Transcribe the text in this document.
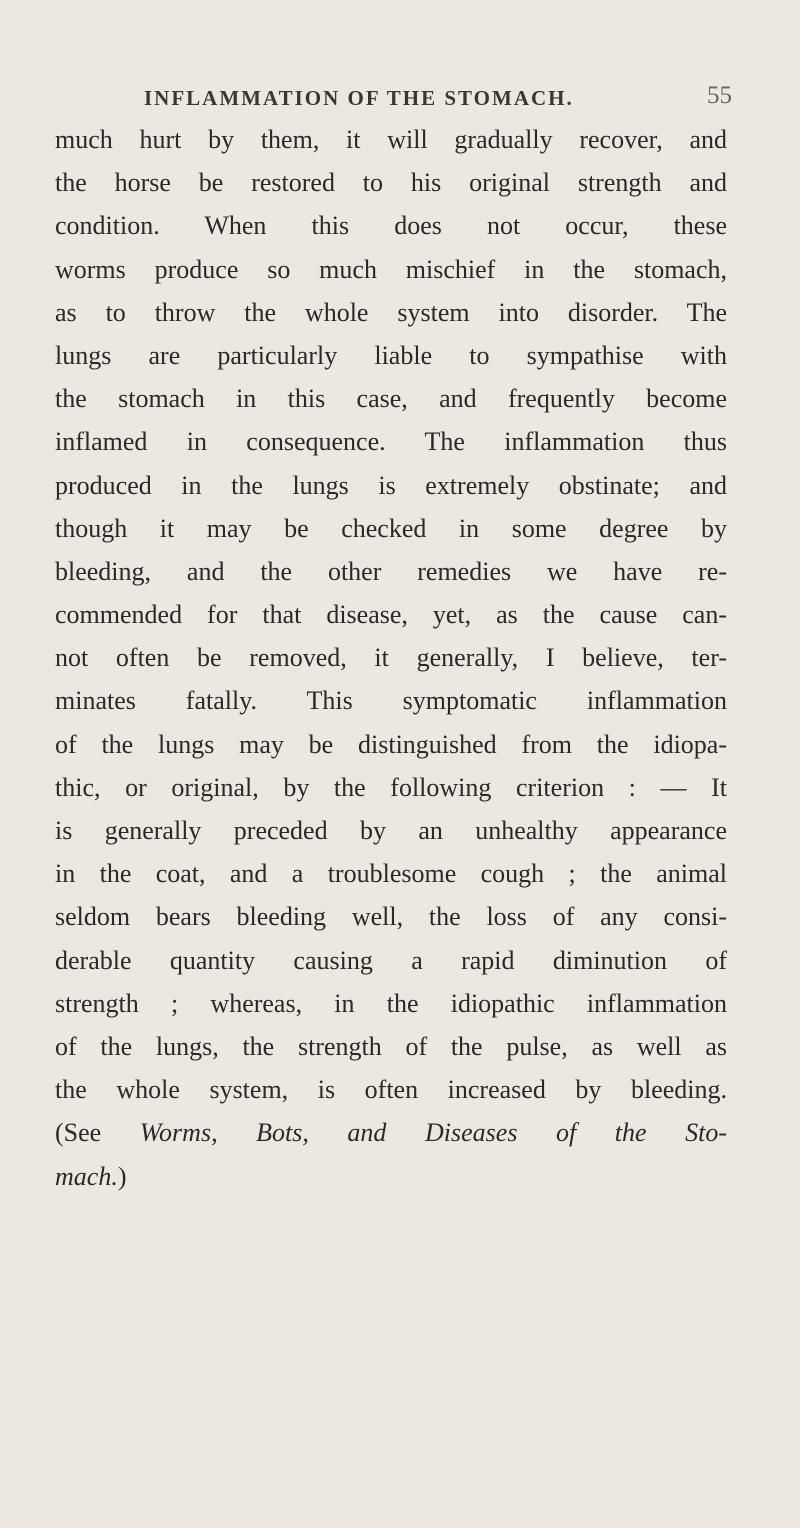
INFLAMMATION OF THE STOMACH.	55
much hurt by them, it will gradually recover, and
the horse be restored to his original strength and
condition. When this does not occur, these
worms produce so much mischief in the stomach,
as to throw the whole system into disorder. The
lungs are particularly liable to sympathise with
the stomach in this case, and frequently become
inflamed in consequence. The inflammation thus
produced in the lungs is extremely obstinate; and
though it may be checked in some degree by
bleeding, and the other remedies we have re-
commended for that disease, yet, as the cause can-
not often be removed, it generally, I believe, ter-
minates fatally. This symptomatic inflammation
of the lungs may be distinguished from the idiopa-
thic, or original, by the following criterion : — It
is generally preceded by an unhealthy appearance
in the coat, and a troublesome cough ; the animal
seldom bears bleeding well, the loss of any consi-
derable quantity causing a rapid diminution of
strength ; whereas, in the idiopathic inflammation
of the lungs, the strength of the pulse, as well as
the whole system, is often increased by bleeding.
(See Worms, Bots, and Diseases of the Sto-
mach.)
